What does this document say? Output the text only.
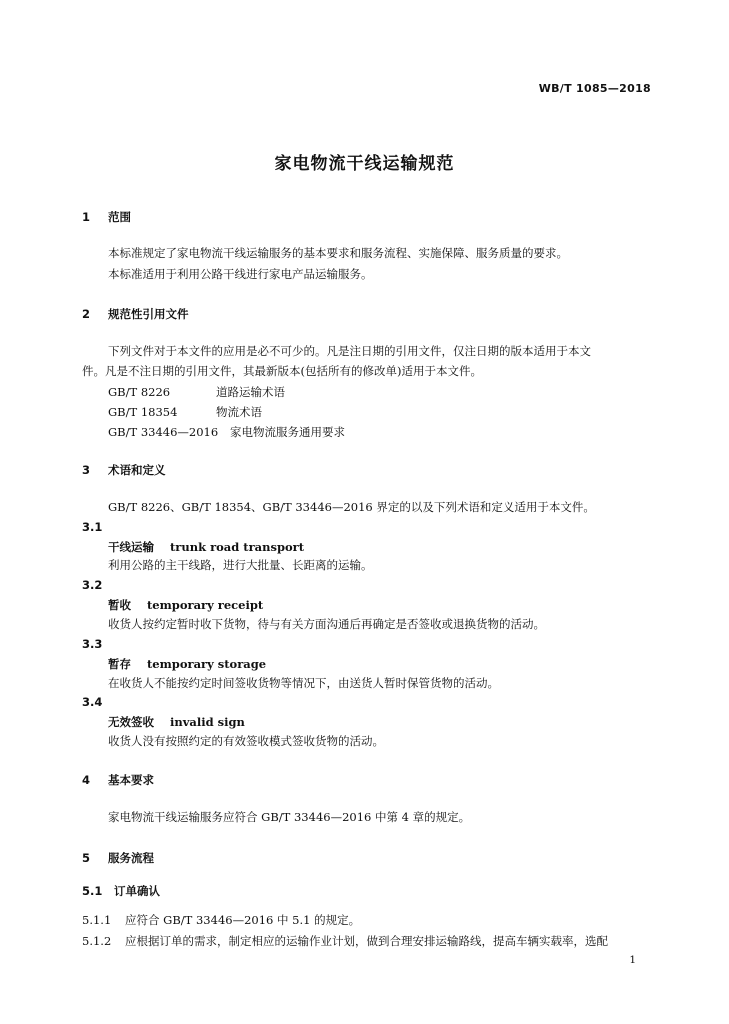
WB/T 1085—2018
家电物流干线运输规范
1 范围
本标准规定了家电物流干线运输服务的基本要求和服务流程、实施保障、服务质量的要求。
本标准适用于利用公路干线进行家电产品运输服务。
2 规范性引用文件
下列文件对于本文件的应用是必不可少的。凡是注日期的引用文件，仅注日期的版本适用于本文
件。凡是不注日期的引用文件，其最新版本(包括所有的修改单)适用于本文件。
GB/T 8226	道路运输术语
GB/T 18354	物流术语
GB/T 33446—2016 家电物流服务通用要求
3 术语和定义
GB/T 8226、GB/T 18354、GB/T 33446—2016 界定的以及下列术语和定义适用于本文件。
3.1
干线运输 trunk road transport
利用公路的主干线路，进行大批量、长距离的运输。
3.2
暂收 temporary receipt
收货人按约定暂时收下货物，待与有关方面沟通后再确定是否签收或退换货物的活动。
3.3
暂存 temporary storage
在收货人不能按约定时间签收货物等情况下，由送货人暂时保管货物的活动。
3.4
无效签收 invalid sign
收货人没有按照约定的有效签收模式签收货物的活动。
4 基本要求
家电物流干线运输服务应符合 GB/T 33446—2016 中第 4 章的规定。
5 服务流程
5.1 订单确认
5.1.1 应符合 GB/T 33446—2016 中 5.1 的规定。
5.1.2 应根据订单的需求，制定相应的运输作业计划，做到合理安排运输路线，提高车辆实载率，选配
1
